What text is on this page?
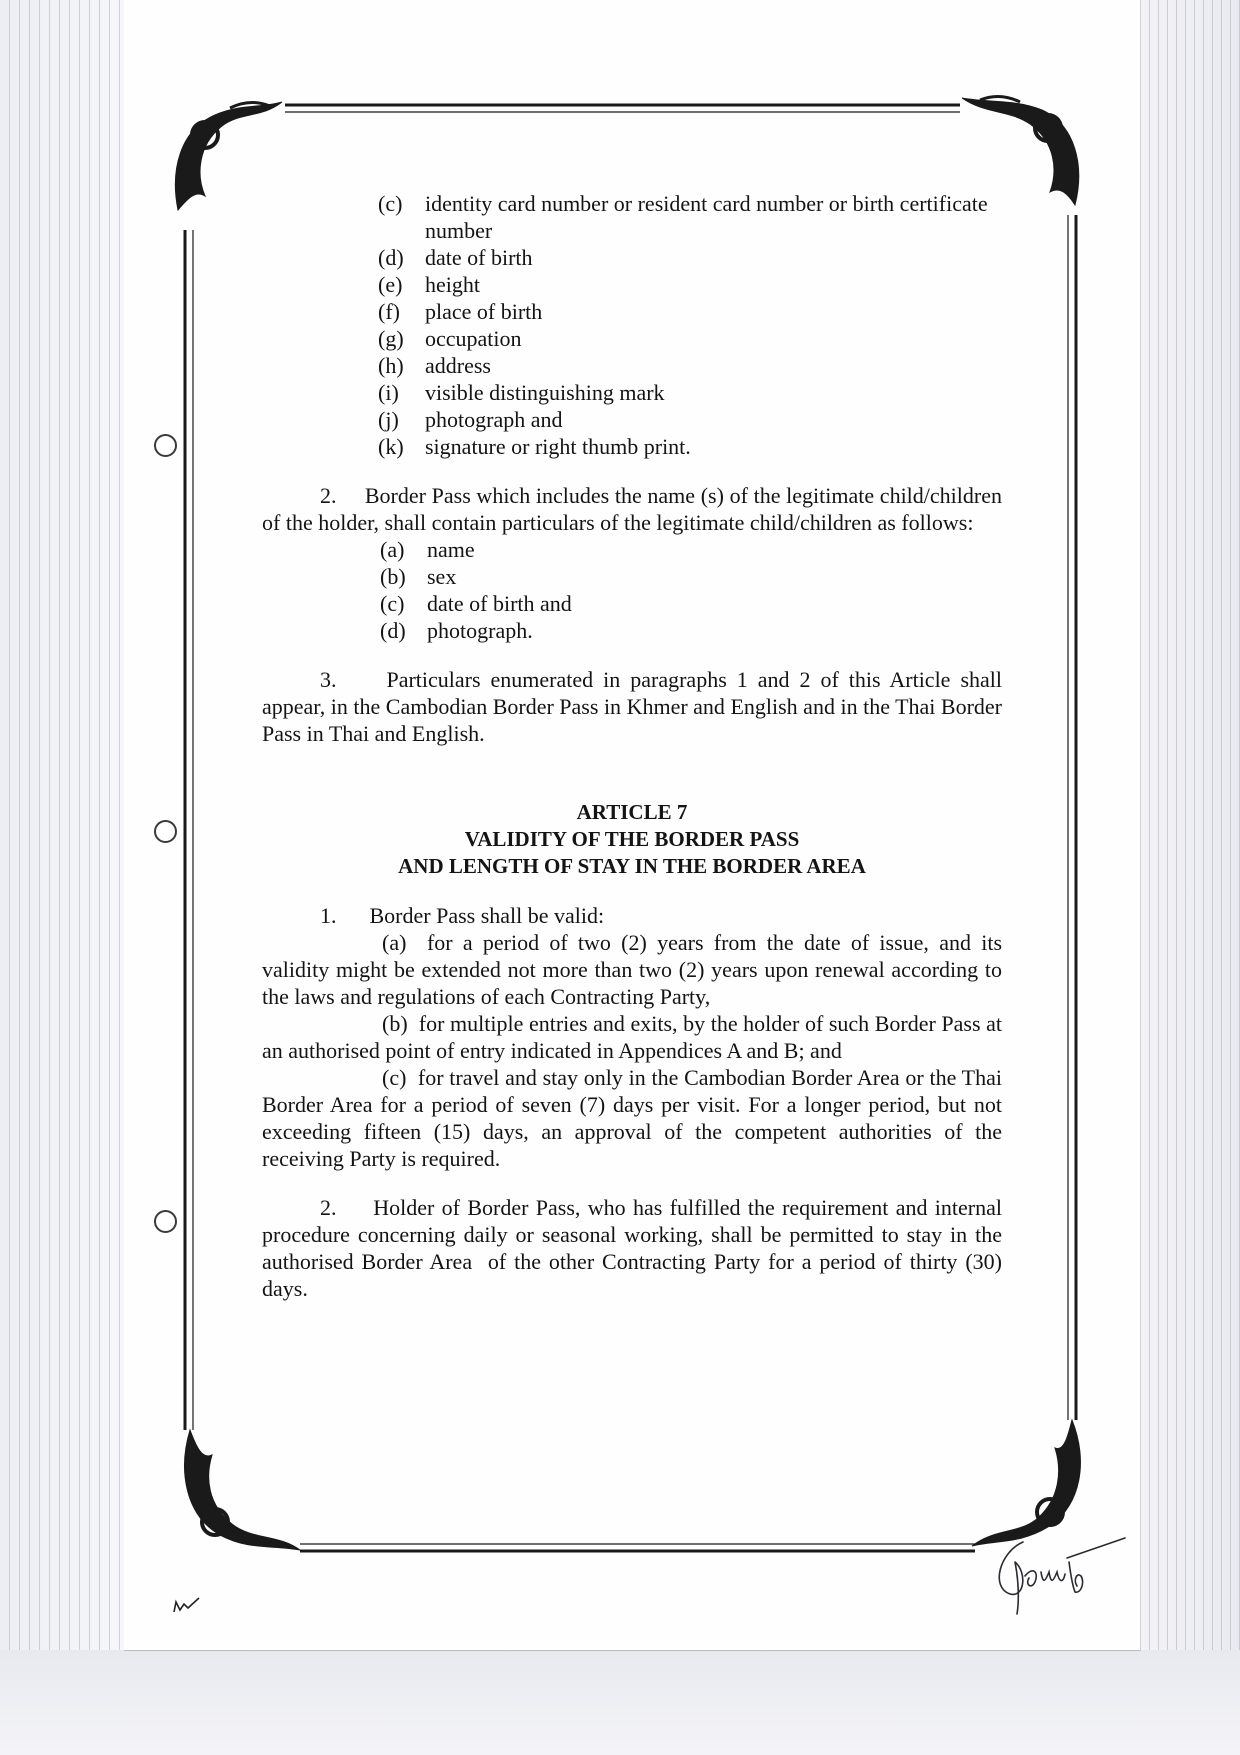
(c) identity card number or resident card number or birth certificate number
(d) date of birth
(e) height
(f) place of birth
(g) occupation
(h) address
(i) visible distinguishing mark
(j) photograph and
(k) signature or right thumb print.

2.     Border Pass which includes the name (s) of the legitimate child/children of the holder, shall contain particulars of the legitimate child/children as follows:

(a) name
(b) sex
(c) date of birth and
(d) photograph.

3.     Particulars enumerated in paragraphs 1 and 2 of this Article shall appear, in the Cambodian Border Pass in Khmer and English and in the Thai Border Pass in Thai and English.

ARTICLE 7
VALIDITY OF THE BORDER PASS
AND LENGTH OF STAY IN THE BORDER AREA

1.      Border Pass shall be valid:

(a)  for a period of two (2) years from the date of issue, and its validity might be extended not more than two (2) years upon renewal according to the laws and regulations of each Contracting Party,

(b)  for multiple entries and exits, by the holder of such Border Pass at an authorised point of entry indicated in Appendices A and B; and

(c)  for travel and stay only in the Cambodian Border Area or the Thai Border Area for a period of seven (7) days per visit. For a longer period, but not exceeding fifteen (15) days, an approval of the competent authorities of the receiving Party is required.

2.     Holder of Border Pass, who has fulfilled the requirement and internal procedure concerning daily or seasonal working, shall be permitted to stay in the authorised Border Area  of the other Contracting Party for a period of thirty (30) days.
